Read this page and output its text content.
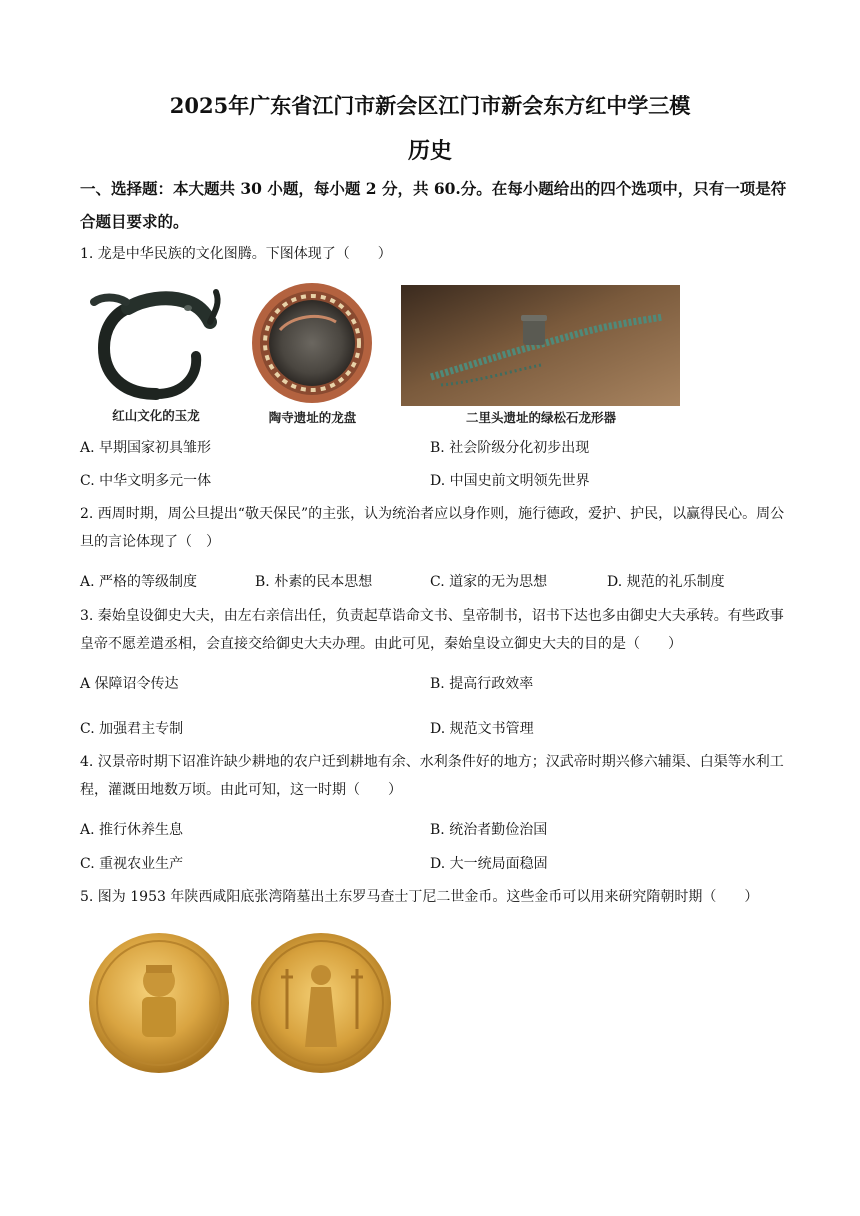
2025年广东省江门市新会区江门市新会东方红中学三模
历史
一、选择题：本大题共 30 小题，每小题 2 分，共 60.分。在每小题给出的四个选项中，只有一项是符合题目要求的。
1. 龙是中华民族的文化图腾。下图体现了（　　）
红山文化的玉龙	陶寺遗址的龙盘	二里头遗址的绿松石龙形器
A. 早期国家初具雏形	B. 社会阶级分化初步出现
C. 中华文明多元一体	D. 中国史前文明领先世界
2. 西周时期，周公旦提出“敬天保民”的主张，认为统治者应以身作则，施行德政，爱护、护民，以赢得民心。周公旦的言论体现了（　）
A. 严格的等级制度	B. 朴素的民本思想	C. 道家的无为思想	D. 规范的礼乐制度
3. 秦始皇设御史大夫，由左右亲信出任，负责起草诰命文书、皇帝制书，诏书下达也多由御史大夫承转。有些政事皇帝不愿差遣丞相，会直接交给御史大夫办理。由此可见，秦始皇设立御史大夫的目的是（　　）
A 保障诏令传达	B. 提高行政效率
C. 加强君主专制	D. 规范文书管理
4. 汉景帝时期下诏准许缺少耕地的农户迁到耕地有余、水利条件好的地方；汉武帝时期兴修六辅渠、白渠等水利工程，灌溉田地数万顷。由此可知，这一时期（　　）
A. 推行休养生息	B. 统治者勤俭治国
C. 重视农业生产	D. 大一统局面稳固
5. 图为 1953 年陕西咸阳底张湾隋墓出土东罗马查士丁尼二世金币。这些金币可以用来研究隋朝时期（　　）
